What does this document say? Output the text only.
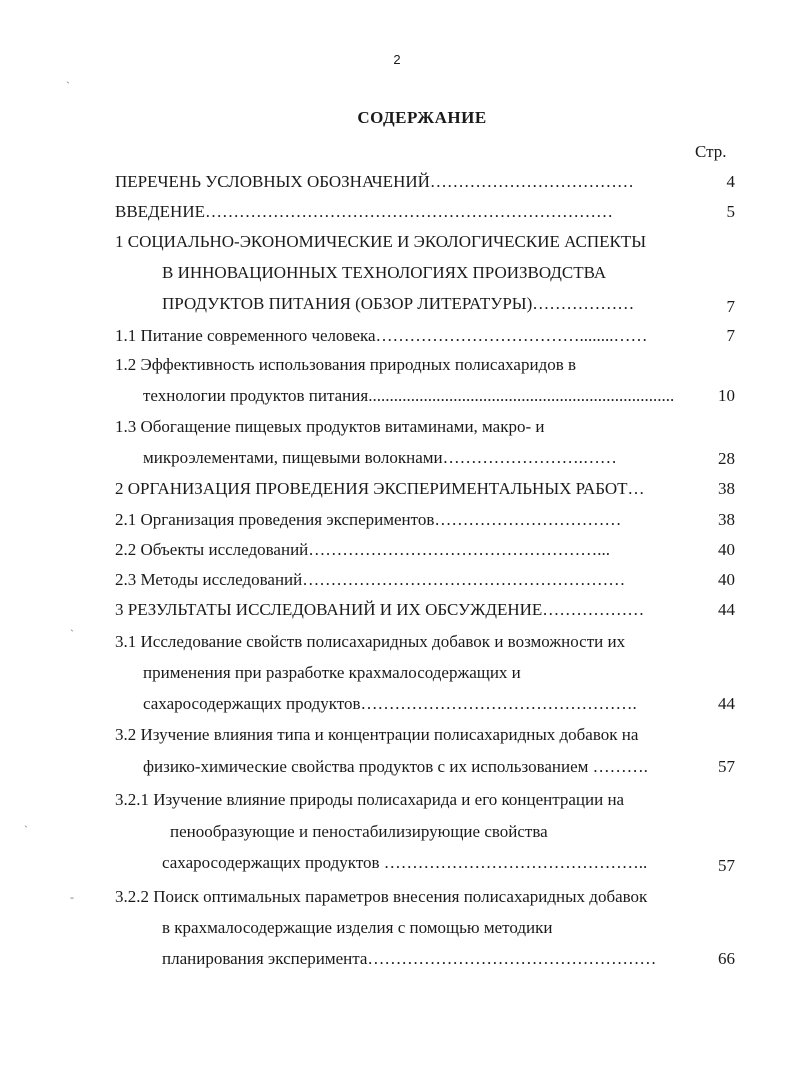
2
СОДЕРЖАНИЕ
Стр.
ˏ
ˏ
ˏ
-
ПЕРЕЧЕНЬ УСЛОВНЫХ ОБОЗНАЧЕНИЙ………………………………	4
ВВЕДЕНИЕ………………………………………………………………	5
1 СОЦИАЛЬНО-ЭКОНОМИЧЕСКИЕ И ЭКОЛОГИЧЕСКИЕ АСПЕКТЫ
В ИННОВАЦИОННЫХ ТЕХНОЛОГИЯХ ПРОИЗВОДСТВА
ПРОДУКТОВ ПИТАНИЯ (ОБЗОР ЛИТЕРАТУРЫ)………………	7
1.1 Питание современного человека………………………………........……	7
1.2 Эффективность использования природных полисахаридов в
технологии продуктов питания........................................................................	10
1.3 Обогащение пищевых продуктов витаминами, макро- и
микроэлементами, пищевыми волокнами…………………….……	28
2 ОРГАНИЗАЦИЯ ПРОВЕДЕНИЯ ЭКСПЕРИМЕНТАЛЬНЫХ РАБОТ…	38
2.1 Организация проведения экспериментов……………………………	38
2.2 Объекты исследований……………………………………………...	40
2.3 Методы исследований…………………………………………………	40
3 РЕЗУЛЬТАТЫ ИССЛЕДОВАНИЙ И ИХ ОБСУЖДЕНИЕ………………	44
3.1 Исследование свойств полисахаридных добавок и возможности их
применения при разработке крахмалосодержащих и
сахаросодержащих продуктов………………………………………….	44
3.2 Изучение влияния типа и концентрации полисахаридных добавок на
физико-химические свойства продуктов с их использованием ……….	57
3.2.1 Изучение влияние природы полисахарида и его концентрации на
пенообразующие и пеностабилизирующие свойства
сахаросодержащих продуктов ………………………………………..	57
3.2.2 Поиск оптимальных параметров внесения полисахаридных добавок
в крахмалосодержащие изделия с помощью методики
планирования эксперимента……………………………………………	66
